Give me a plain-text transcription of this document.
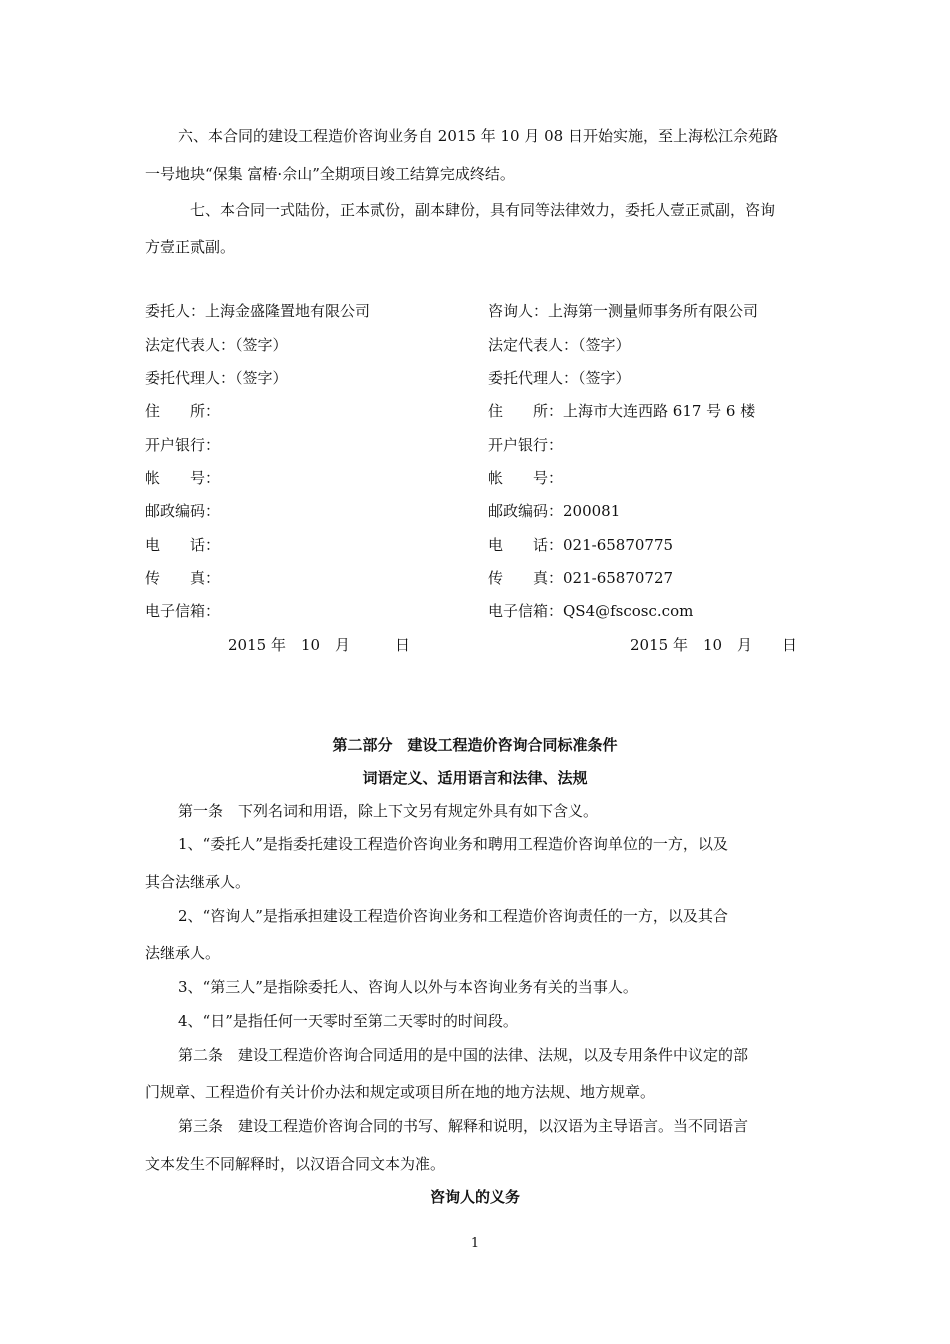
六、本合同的建设工程造价咨询业务自 2015 年 10 月 08 日开始实施，至上海松江佘苑路
一号地块“保集 富椿·佘山”全期项目竣工结算完成终结。
七、本合同一式陆份，正本贰份，副本肆份，具有同等法律效力，委托人壹正贰副，咨询
方壹正贰副。
委托人：上海金盛隆置地有限公司
法定代表人：（签字）
委托代理人：（签字）
住　　所：
开户银行：
帐　　号：
邮政编码：
电　　话：
传　　真：
电子信箱：
2015 年　10　月　　　日
咨询人：上海第一测量师事务所有限公司
法定代表人：（签字）
委托代理人：（签字）
住　　所：上海市大连西路 617 号 6 楼
开户银行：
帐　　号：
邮政编码：200081
电　　话：021-65870775
传　　真：021-65870727
电子信箱：QS4@fscosc.com
2015 年　10　月　　日
第二部分　建设工程造价咨询合同标准条件
词语定义、适用语言和法律、法规
第一条　下列名词和用语，除上下文另有规定外具有如下含义。
1、“委托人”是指委托建设工程造价咨询业务和聘用工程造价咨询单位的一方，以及
其合法继承人。
2、“咨询人”是指承担建设工程造价咨询业务和工程造价咨询责任的一方，以及其合
法继承人。
3、“第三人”是指除委托人、咨询人以外与本咨询业务有关的当事人。
4、“日”是指任何一天零时至第二天零时的时间段。
第二条　建设工程造价咨询合同适用的是中国的法律、法规，以及专用条件中议定的部
门规章、工程造价有关计价办法和规定或项目所在地的地方法规、地方规章。
第三条　建设工程造价咨询合同的书写、解释和说明，以汉语为主导语言。当不同语言
文本发生不同解释时，以汉语合同文本为准。
咨询人的义务
1
